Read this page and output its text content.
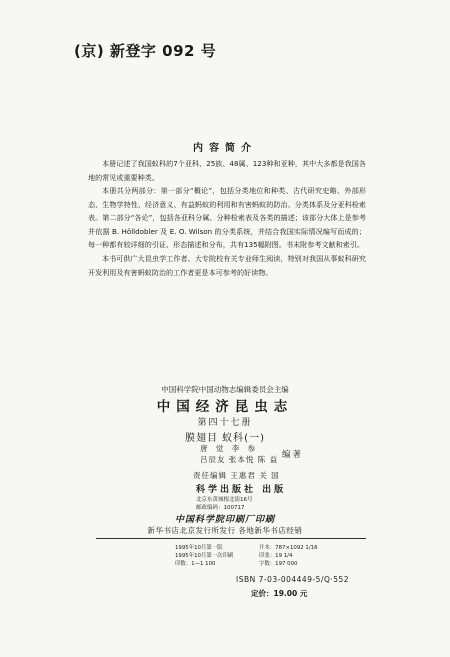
(京) 新登字 092 号
内容简介
本册记述了我国蚁科的7个亚科、25族、48属、123种和亚种，其中大多都是我国各地的常见或重要种类。
本册共分两部分：第一部分“概论”，包括分类地位和种类、古代研究史略、外部形态、生物学特性、经济意义、有益蚂蚁的利用和有害蚂蚁的防治、分类体系及分亚科检索表。第二部分“各论”，包括各亚科分属、分种检索表及各类的描述；该部分大体上是参考并依据 B. Hölldobler 及 E. O. Wilson 的分类系统，并结合我国实际情况编写而成的；每一种都有较详细的引证、形态描述和分布，共有135幅附图。书末附参考文献和索引。
本书可供广大昆虫学工作者、大专院校有关专业师生阅读，特别对我国从事蚁科研究开发利用及有害蚂蚁防治的工作者更是本可参考的好读物。
中国科学院中国动物志编辑委员会主编
中国经济昆虫志
第四十七册
膜翅目 蚁科(一)
唐 觉 李 参
吕辰友 张本悦 陈 益 编著
责任编辑 王惠君 关 国
科学出版社 出版
北京东黄城根北街16号
邮政编码：100717
中国科学院印刷厂印刷
新华书店北京发行所发行 各地新华书店经销
1995年10月第一版	开本：787×1092 1/16
1995年10月第一次印刷	印张：19 1/4
印数：1—1 100	字数：197 000
ISBN 7-03-004449-5/Q·552
定价：19.00 元
